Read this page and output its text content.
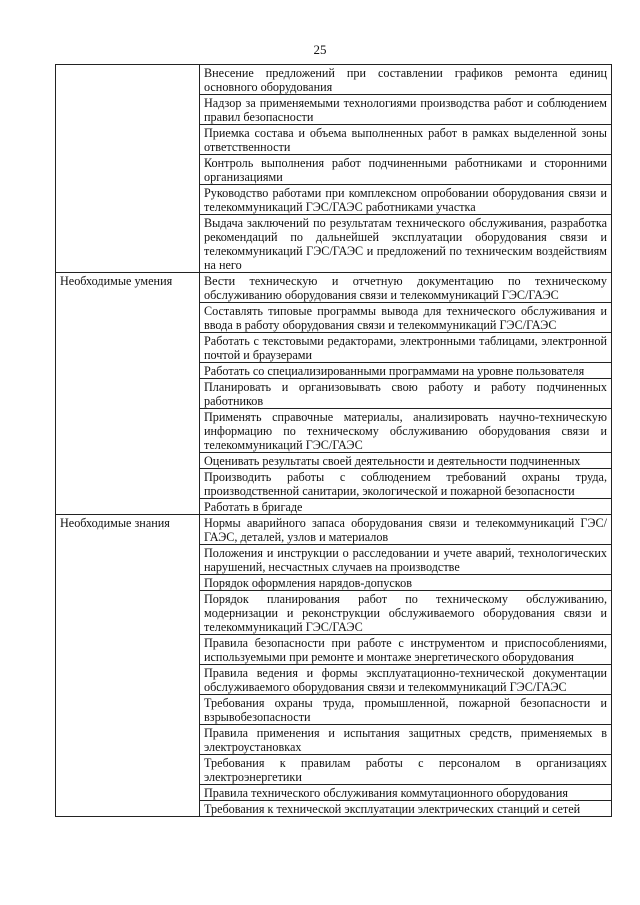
25
	Внесение предложений при составлении графиков ремонта единиц основного оборудования
	Надзор за применяемыми технологиями производства работ и соблюдением правил безопасности
	Приемка состава и объема выполненных работ в рамках выделенной зоны ответственности
	Контроль выполнения работ подчиненными работниками и сторонними организациями
	Руководство работами при комплексном опробовании оборудования связи и телекоммуникаций ГЭС/ГАЭС работниками участка
	Выдача заключений по результатам технического обслуживания, разработка рекомендаций по дальнейшей эксплуатации оборудования связи и телекоммуникаций ГЭС/ГАЭС и предложений по техническим воздействиям на него
Необходимые умения	Вести техническую и отчетную документацию по техническому обслуживанию оборудования связи и телекоммуникаций ГЭС/ГАЭС
	Составлять типовые программы вывода для технического обслуживания и ввода в работу оборудования связи и телекоммуникаций ГЭС/ГАЭС
	Работать с текстовыми редакторами, электронными таблицами, электронной почтой и браузерами
	Работать со специализированными программами на уровне пользователя
	Планировать и организовывать свою работу и работу подчиненных работников
	Применять справочные материалы, анализировать научно-техническую информацию по техническому обслуживанию оборудования связи и телекоммуникаций ГЭС/ГАЭС
	Оценивать результаты своей деятельности и деятельности подчиненных
	Производить работы с соблюдением требований охраны труда, производственной санитарии, экологической и пожарной безопасности
	Работать в бригаде
Необходимые знания	Нормы аварийного запаса оборудования связи и телекоммуникаций ГЭС/ГАЭС, деталей, узлов и материалов
	Положения и инструкции о расследовании и учете аварий, технологических нарушений, несчастных случаев на производстве
	Порядок оформления нарядов-допусков
	Порядок планирования работ по техническому обслуживанию, модернизации и реконструкции обслуживаемого оборудования связи и телекоммуникаций ГЭС/ГАЭС
	Правила безопасности при работе с инструментом и приспособлениями, используемыми при ремонте и монтаже энергетического оборудования
	Правила ведения и формы эксплуатационно-технической документации обслуживаемого оборудования связи и телекоммуникаций ГЭС/ГАЭС
	Требования охраны труда, промышленной, пожарной безопасности и взрывобезопасности
	Правила применения и испытания защитных средств, применяемых в электроустановках
	Требования к правилам работы с персоналом в организациях электроэнергетики
	Правила технического обслуживания коммутационного оборудования
	Требования к технической эксплуатации электрических станций и сетей
